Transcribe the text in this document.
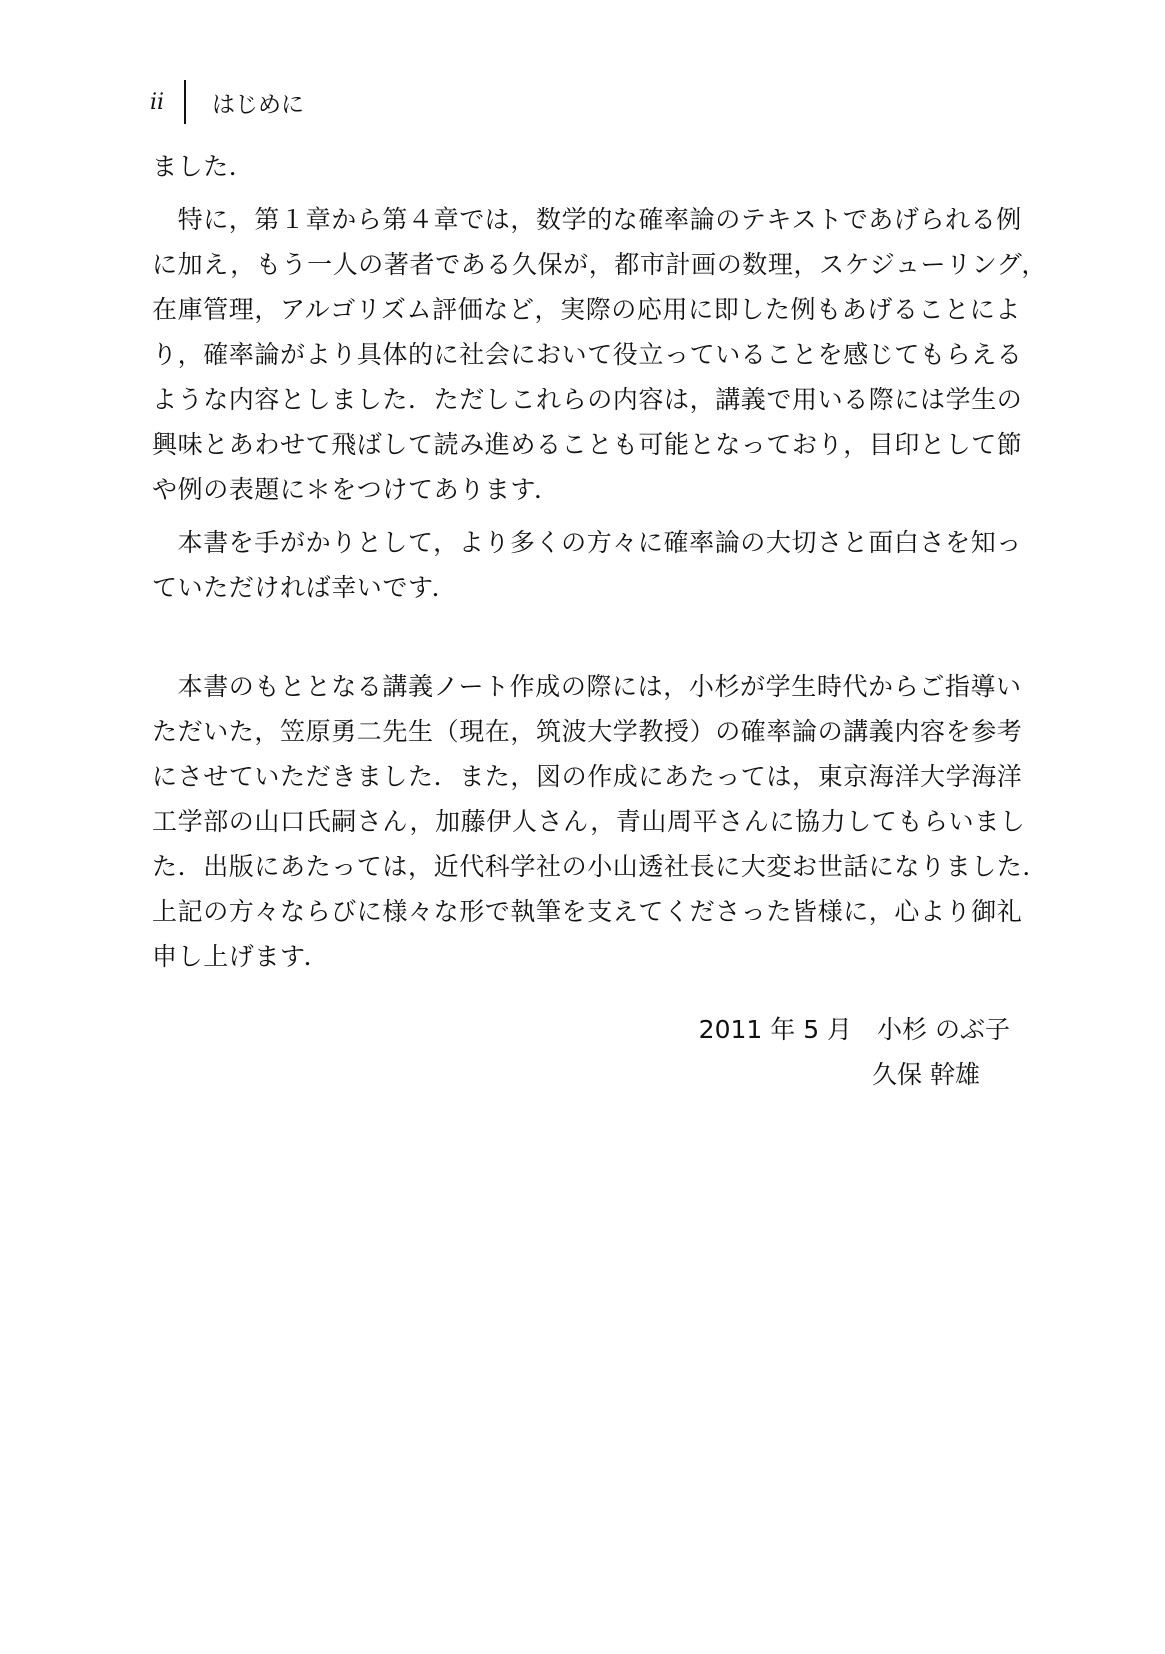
ii	はじめに
ました．
　特に，第１章から第４章では，数学的な確率論のテキストであげられる例
に加え，もう一人の著者である久保が，都市計画の数理，スケジューリング，
在庫管理，アルゴリズム評価など，実際の応用に即した例もあげることによ
り，確率論がより具体的に社会において役立っていることを感じてもらえる
ような内容としました．ただしこれらの内容は，講義で用いる際には学生の
興味とあわせて飛ばして読み進めることも可能となっており，目印として節
や例の表題に＊をつけてあります．
　本書を手がかりとして，より多くの方々に確率論の大切さと面白さを知っ
ていただければ幸いです．
　本書のもととなる講義ノート作成の際には，小杉が学生時代からご指導い
ただいた，笠原勇二先生（現在，筑波大学教授）の確率論の講義内容を参考
にさせていただきました．また，図の作成にあたっては，東京海洋大学海洋
工学部の山口氏嗣さん，加藤伊人さん，青山周平さんに協力してもらいまし
た．出版にあたっては，近代科学社の小山透社長に大変お世話になりました．
上記の方々ならびに様々な形で執筆を支えてくださった皆様に，心より御礼
申し上げます．
2011 年 5 月　小杉 のぶ子
久保 幹雄
